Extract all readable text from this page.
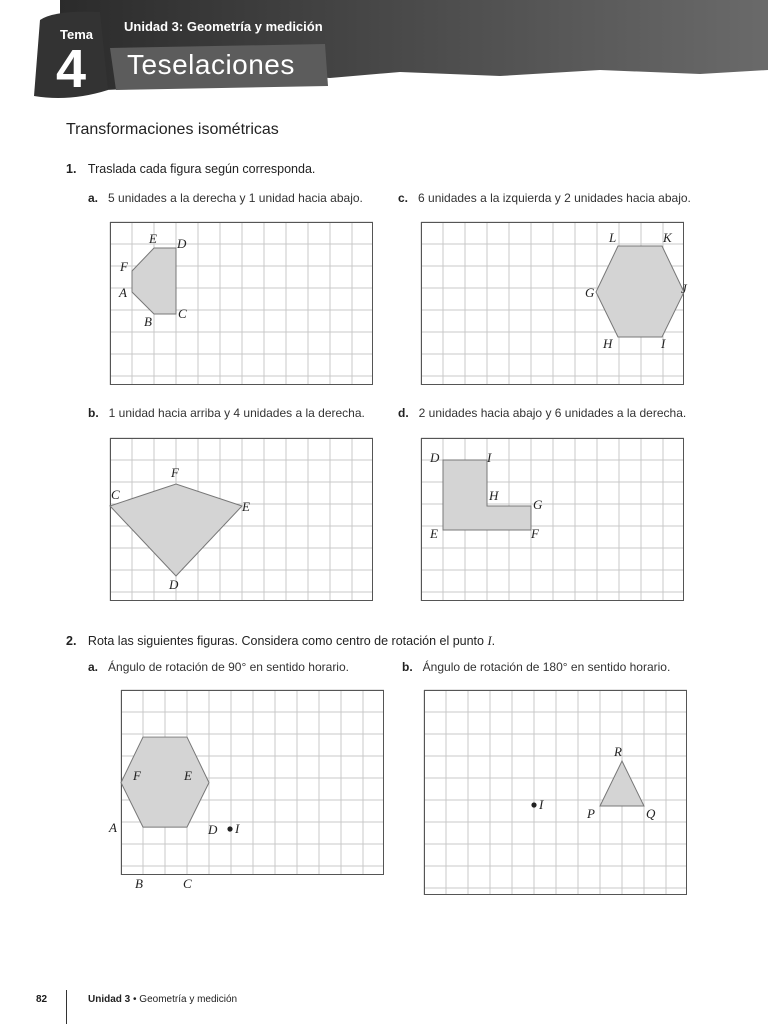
Tema
4
Unidad 3: Geometría y medición
Teselaciones
Transformaciones isométricas
1. Traslada cada figura según corresponda.
a. 5 unidades a la derecha y 1 unidad hacia abajo.	c. 6 unidades a la izquierda y 2 unidades hacia abajo.
b. 1 unidad hacia arriba y 4 unidades a la derecha.	d. 2 unidades hacia abajo y 6 unidades a la derecha.
E D
F
A
B
C
L	K
G	J
H	I
F
C
E
D
D	I
H
G
E	F
2. Rota las siguientes figuras. Considera como centro de rotación el punto I.
a. Ángulo de rotación de 90° en sentido horario.	b. Ángulo de rotación de 180° en sentido horario.
F	E
A	D I
B	C
R
I
P	Q
82	Unidad 3 • Geometría y medición
